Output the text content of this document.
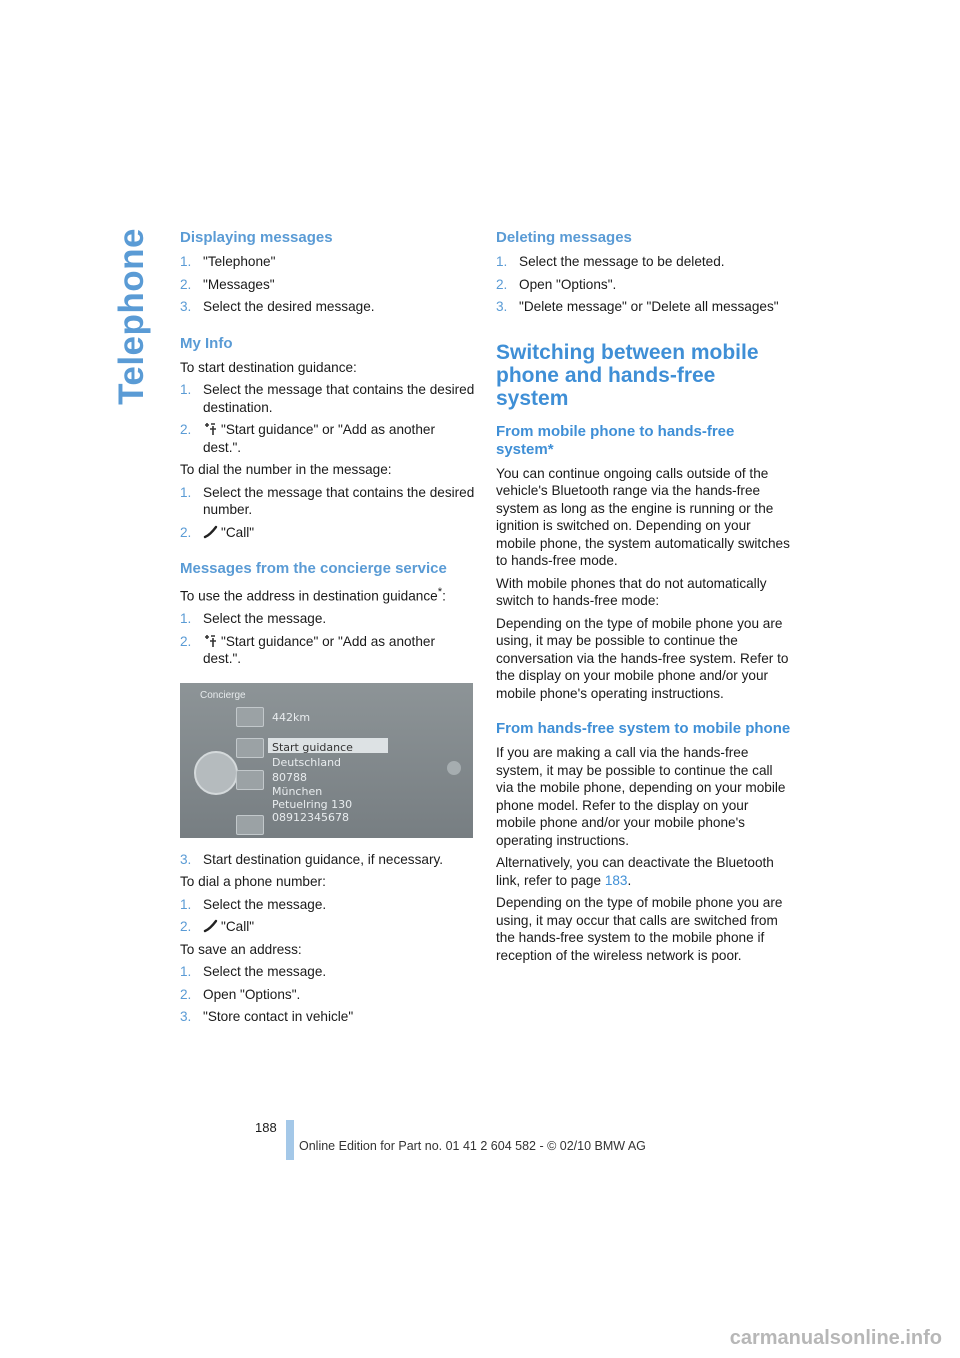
Telephone Displaying messages
1. "Telephone"
2. "Messages"
3. Select the desired message.
My Info

To start destination guidance:

1. Select the message that contains the desired destination.
2. "Start guidance" or "Add as another dest.".

To dial the number in the message:

1. Select the message that contains the desired number.
2. "Call"
Messages from the concierge service

To use the address in destination guidance*:

1. Select the message.
2. "Start guidance" or "Add as another dest.".
Concierge
442km
Start guidance
Deutschland
80788
München
Petuelring 130
08912345678
3. Start destination guidance, if necessary.

To dial a phone number:

1. Select the message.
2. "Call"

To save an address:

1. Select the message.
2. Open "Options".
3. "Store contact in vehicle"
Deleting messages
1. Select the message to be deleted.
2. Open "Options".
3. "Delete message" or "Delete all messages"
Switching between mobile phone and hands-free system
From mobile phone to hands-free system*

You can continue ongoing calls outside of the vehicle's Bluetooth range via the hands-free system as long as the engine is running or the ignition is switched on. Depending on your mobile phone, the system automatically switches to hands-free mode.

With mobile phones that do not automatically switch to hands-free mode:

Depending on the type of mobile phone you are using, it may be possible to continue the conversation via the hands-free system. Refer to the display on your mobile phone and/or your mobile phone's operating instructions.

From hands-free system to mobile phone

If you are making a call via the hands-free system, it may be possible to continue the call via the mobile phone, depending on your mobile phone model. Refer to the display on your mobile phone and/or your mobile phone's operating instructions.

Alternatively, you can deactivate the Bluetooth link, refer to page 183.

Depending on the type of mobile phone you are using, it may occur that calls are switched from the hands-free system to the mobile phone if reception of the wireless network is poor.

188
Online Edition for Part no. 01 41 2 604 582 - © 02/10 BMW AG
carmanualsonline.info
